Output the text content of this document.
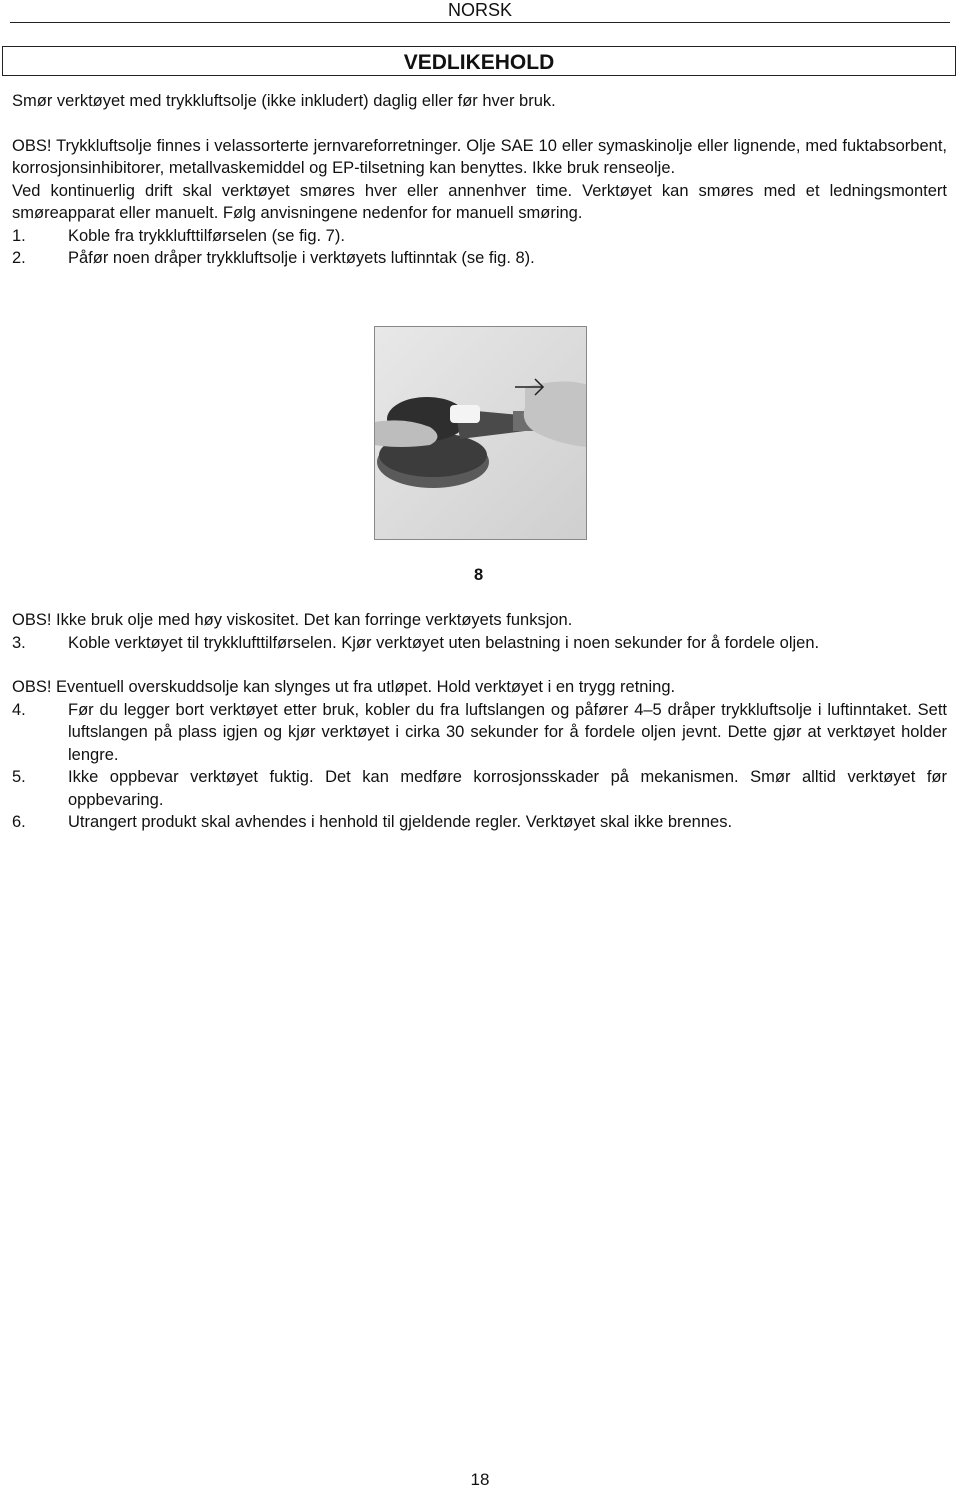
NORSK
VEDLIKEHOLD
Smør verktøyet med trykkluftsolje (ikke inkludert) daglig eller før hver bruk.
OBS! Trykkluftsolje finnes i velassorterte jernvareforretninger. Olje SAE 10 eller symaskinolje eller lignende, med fuktabsorbent, korrosjonsinhibitorer, metallvaskemiddel og EP-tilsetning kan benyttes. Ikke bruk renseolje.
Ved kontinuerlig drift skal verktøyet smøres hver eller annenhver time. Verktøyet kan smøres med et ledningsmontert smøreapparat eller manuelt. Følg anvisningene nedenfor for manuell smøring.
1.	Koble fra trykklufttilførselen (se fig. 7).
2.	Påfør noen dråper trykkluftsolje i verktøyets luftinntak (se fig. 8).
8
OBS! Ikke bruk olje med høy viskositet. Det kan forringe verktøyets funksjon.
3.	Koble verktøyet til trykklufttilførselen. Kjør verktøyet uten belastning i noen sekunder for å fordele oljen.
OBS! Eventuell overskuddsolje kan slynges ut fra utløpet. Hold verktøyet i en trygg retning.
4.	Før du legger bort verktøyet etter bruk, kobler du fra luftslangen og påfører 4–5 dråper trykkluftsolje i luftinntaket. Sett luftslangen på plass igjen og kjør verktøyet i cirka 30 sekunder for å fordele oljen jevnt. Dette gjør at verktøyet holder lengre.
5.	Ikke oppbevar verktøyet fuktig. Det kan medføre korrosjonsskader på mekanismen. Smør alltid verktøyet før oppbevaring.
6.	Utrangert produkt skal avhendes i henhold til gjeldende regler. Verktøyet skal ikke brennes.
18
